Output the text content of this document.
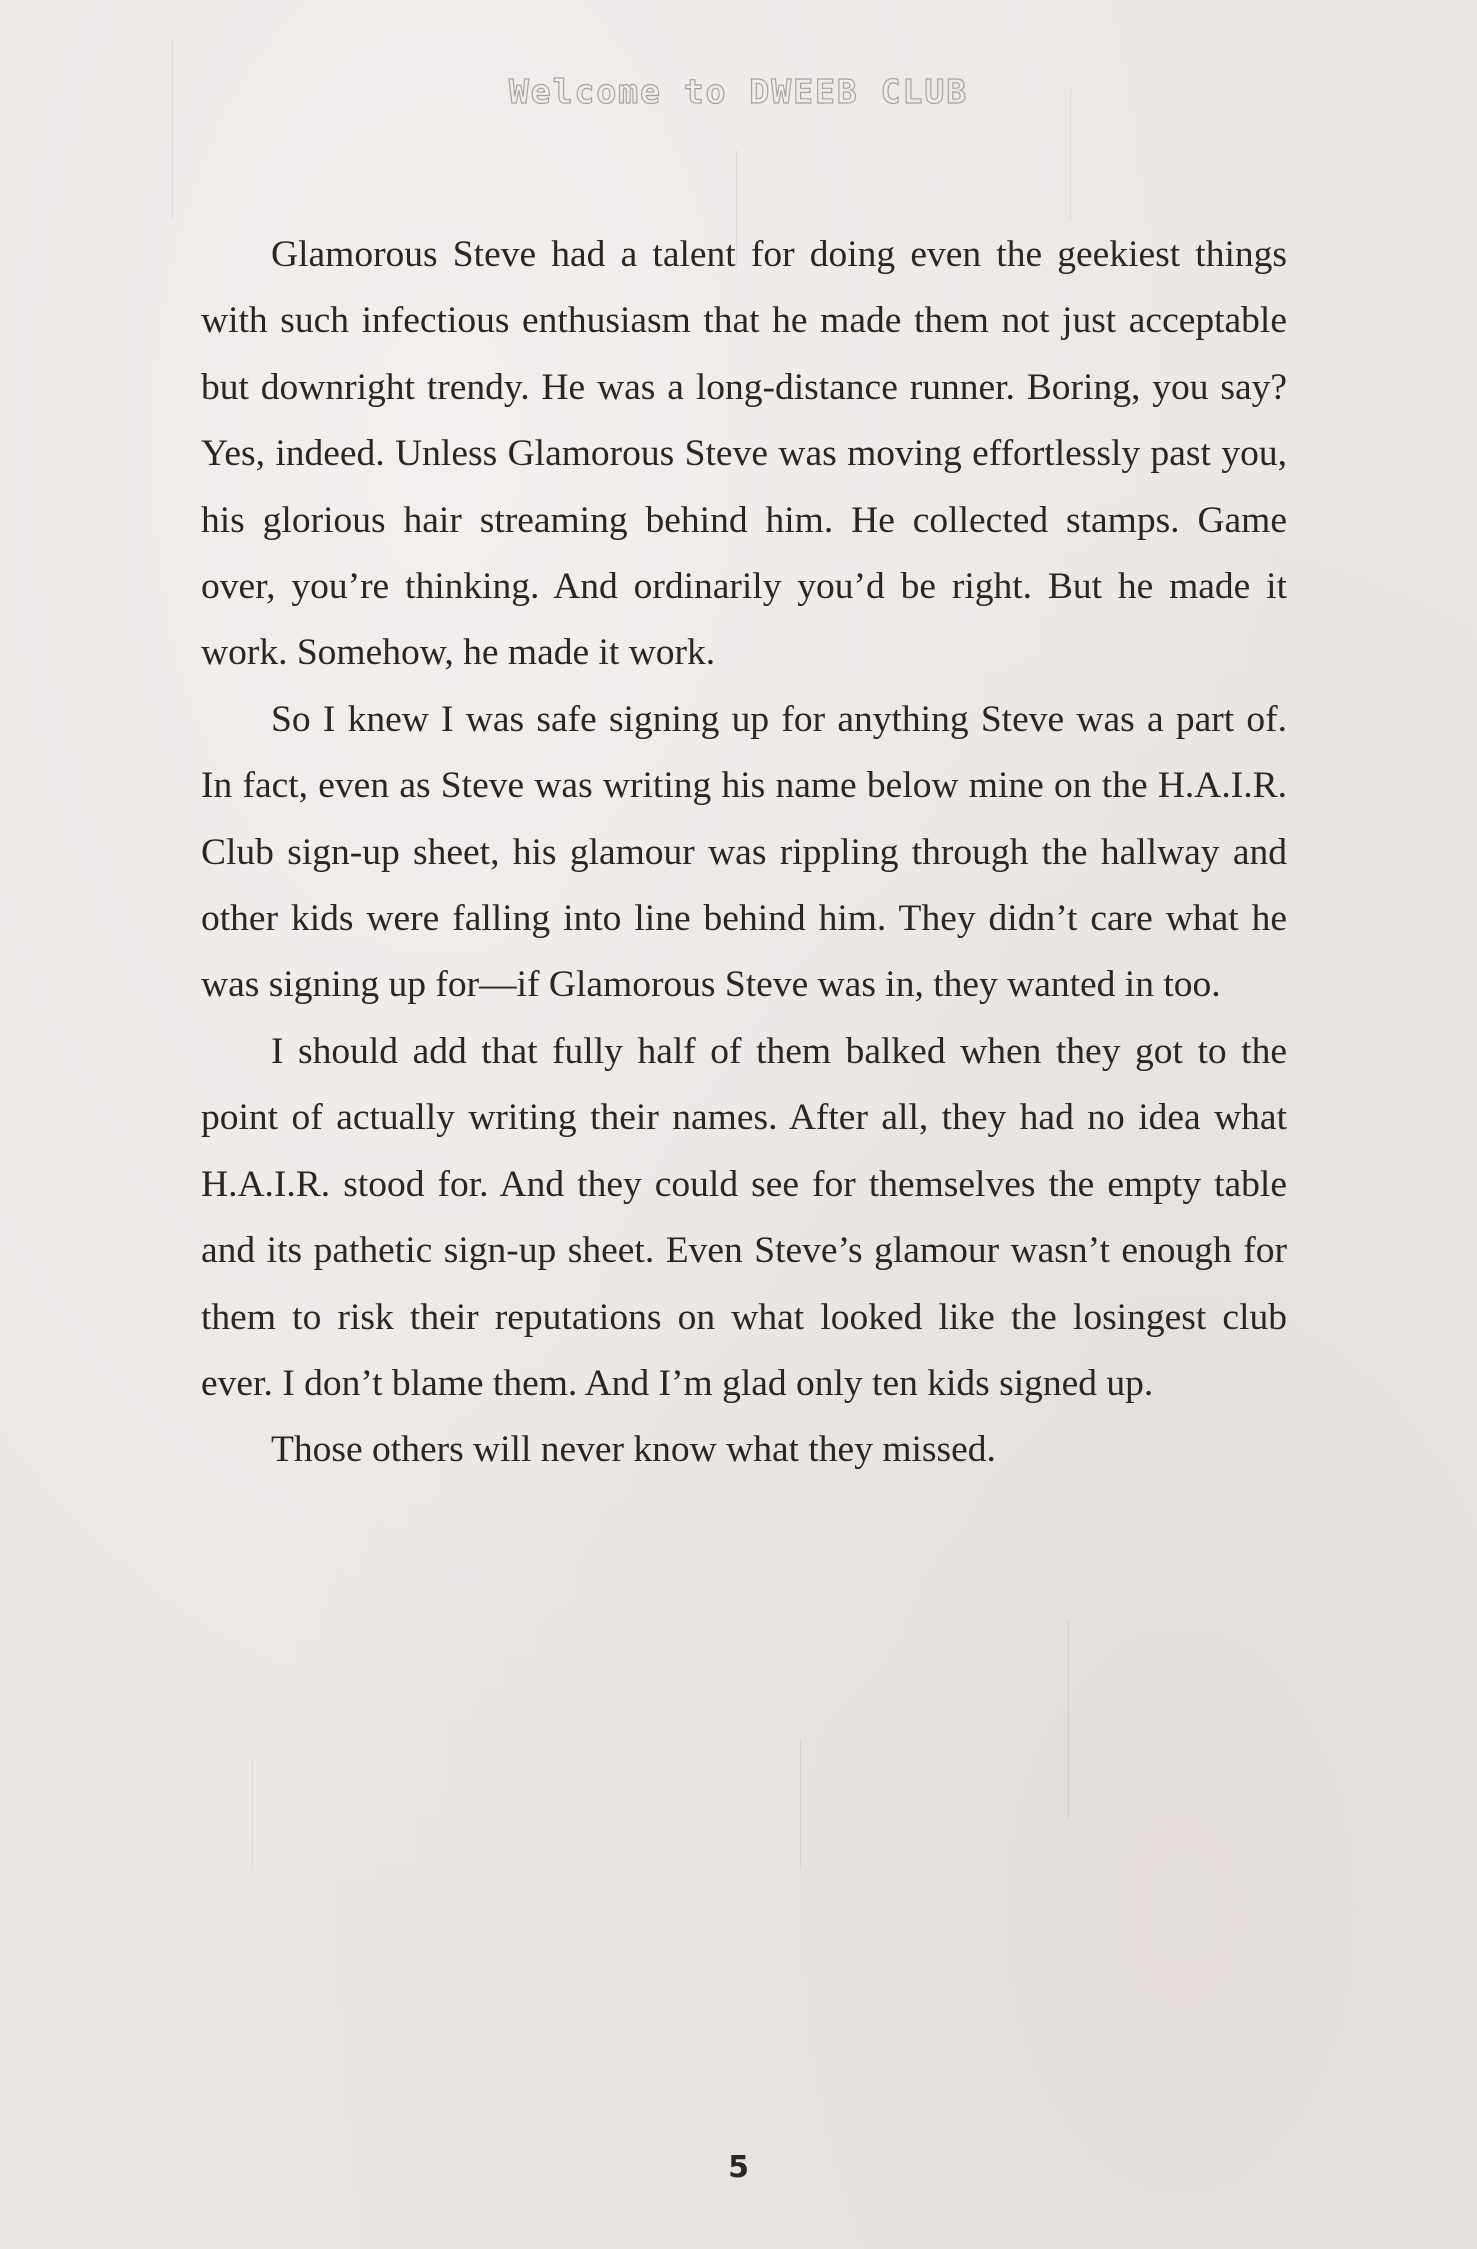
Welcome to DWEEB CLUB

Glamorous Steve had a talent for doing even the geekiest things with such infectious enthusiasm that he made them not just acceptable but downright trendy. He was a long-distance runner. Boring, you say? Yes, indeed. Unless Glamorous Steve was moving effortlessly past you, his glorious hair streaming behind him. He collected stamps. Game over, you’re thinking. And ordinarily you’d be right. But he made it work. Somehow, he made it work.

So I knew I was safe signing up for anything Steve was a part of. In fact, even as Steve was writing his name below mine on the H.A.I.R. Club sign-up sheet, his glamour was rippling through the hallway and other kids were falling into line behind him. They didn’t care what he was signing up for—if Glamorous Steve was in, they wanted in too.

I should add that fully half of them balked when they got to the point of actually writing their names. After all, they had no idea what H.A.I.R. stood for. And they could see for themselves the empty table and its pathetic sign-up sheet. Even Steve’s glamour wasn’t enough for them to risk their reputations on what looked like the losingest club ever. I don’t blame them. And I’m glad only ten kids signed up.

Those others will never know what they missed.

5
